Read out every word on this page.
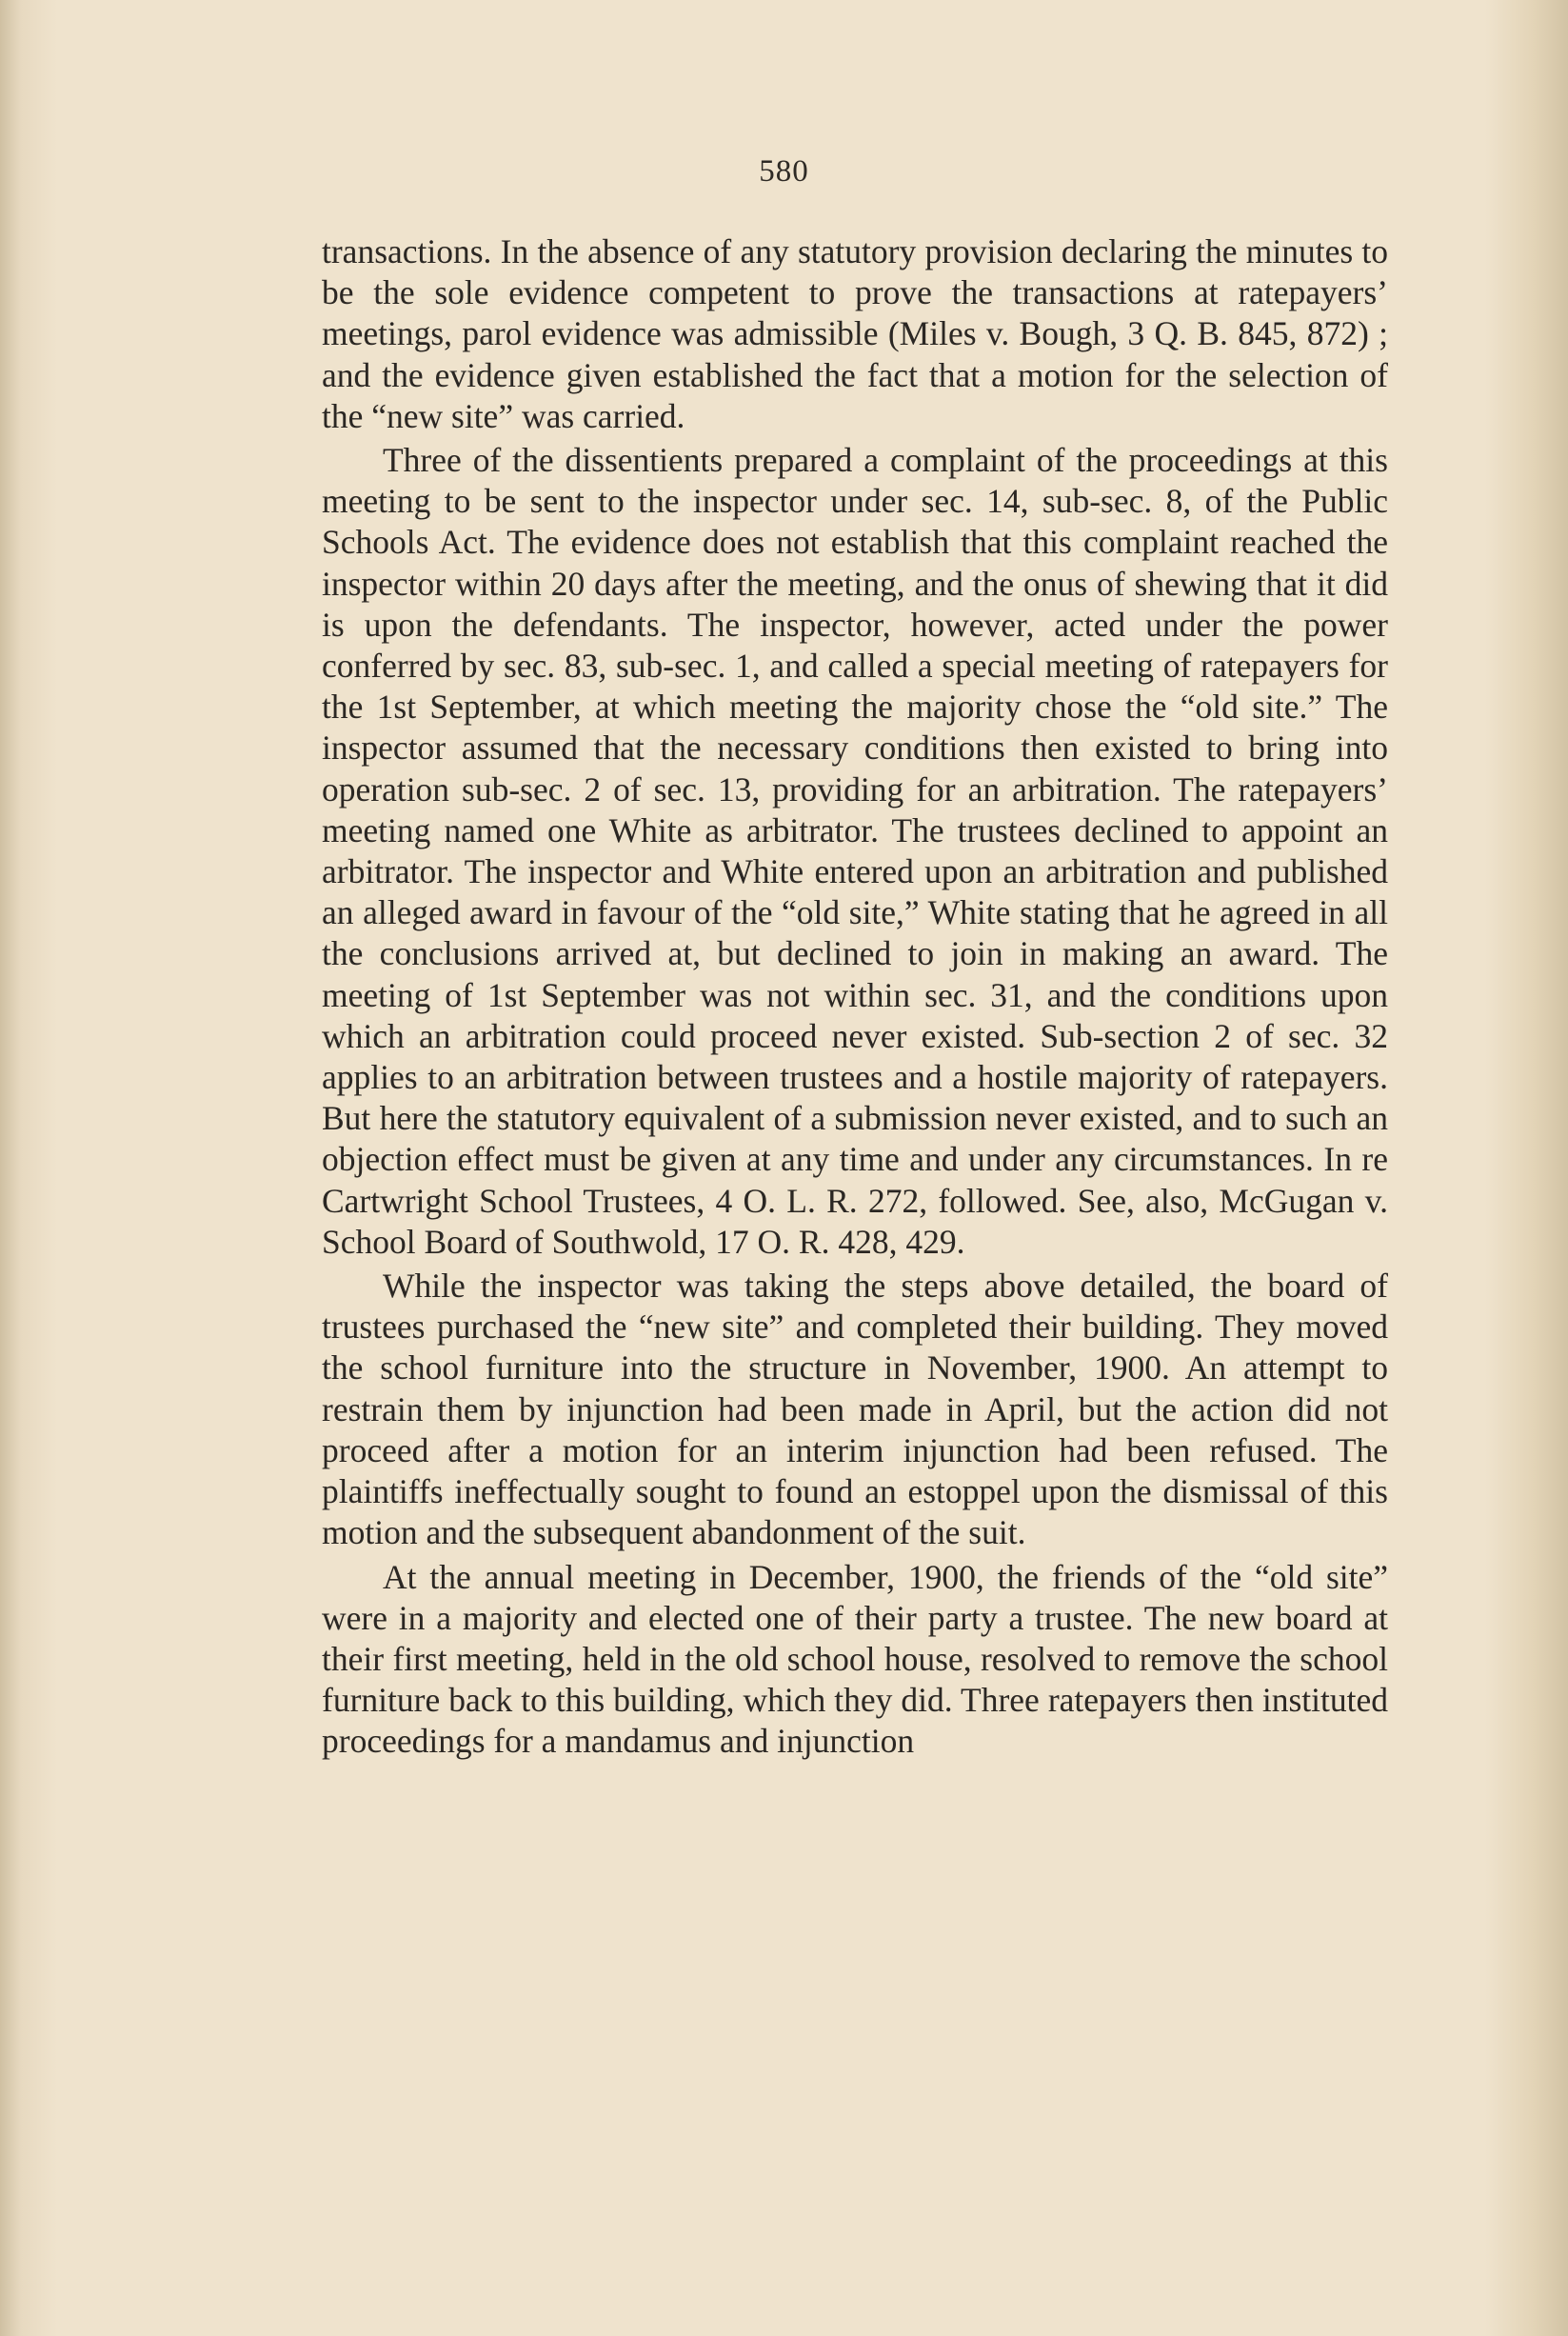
580

transactions. In the absence of any statutory provision declaring the minutes to be the sole evidence competent to prove the transactions at ratepayers’ meetings, parol evidence was admissible (Miles v. Bough, 3 Q. B. 845, 872) ; and the evidence given established the fact that a motion for the selection of the “new site” was carried.

Three of the dissentients prepared a complaint of the proceedings at this meeting to be sent to the inspector under sec. 14, sub-sec. 8, of the Public Schools Act. The evidence does not establish that this complaint reached the inspector within 20 days after the meeting, and the onus of shewing that it did is upon the defendants. The inspector, however, acted under the power conferred by sec. 83, sub-sec. 1, and called a special meeting of ratepayers for the 1st September, at which meeting the majority chose the “old site.” The inspector assumed that the necessary conditions then existed to bring into operation sub-sec. 2 of sec. 13, providing for an arbitration. The ratepayers’ meeting named one White as arbitrator. The trustees declined to appoint an arbitrator. The inspector and White entered upon an arbitration and published an alleged award in favour of the “old site,” White stating that he agreed in all the conclusions arrived at, but declined to join in making an award. The meeting of 1st September was not within sec. 31, and the conditions upon which an arbitration could proceed never existed. Sub-section 2 of sec. 32 applies to an arbitration between trustees and a hostile majority of ratepayers. But here the statutory equivalent of a submission never existed, and to such an objection effect must be given at any time and under any circumstances. In re Cartwright School Trustees, 4 O. L. R. 272, followed. See, also, McGugan v. School Board of Southwold, 17 O. R. 428, 429.

While the inspector was taking the steps above detailed, the board of trustees purchased the “new site” and completed their building. They moved the school furniture into the structure in November, 1900. An attempt to restrain them by injunction had been made in April, but the action did not proceed after a motion for an interim injunction had been refused. The plaintiffs ineffectually sought to found an estoppel upon the dismissal of this motion and the subsequent abandonment of the suit.

At the annual meeting in December, 1900, the friends of the “old site” were in a majority and elected one of their party a trustee. The new board at their first meeting, held in the old school house, resolved to remove the school furniture back to this building, which they did. Three ratepayers then instituted proceedings for a mandamus and injunction
